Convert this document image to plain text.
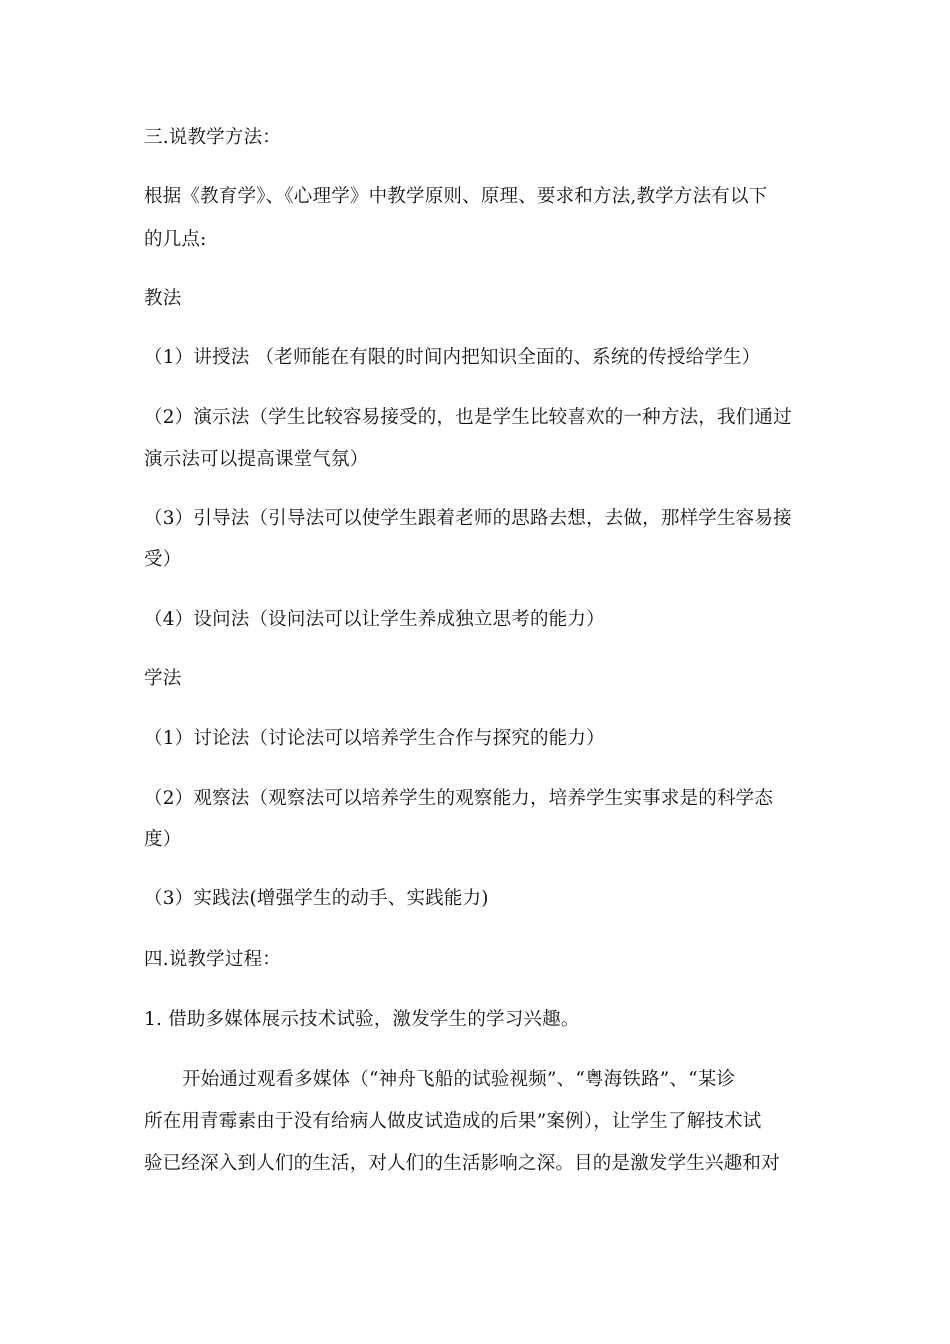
三.说教学方法：
根据《教育学》、《心理学》中教学原则、原理、要求和方法,教学方法有以下
的几点:
教法
（1）讲授法 （老师能在有限的时间内把知识全面的、系统的传授给学生）
（2）演示法（学生比较容易接受的，也是学生比较喜欢的一种方法，我们通过
演示法可以提高课堂气氛）
（3）引导法（引导法可以使学生跟着老师的思路去想，去做，那样学生容易接
受）
（4）设问法（设问法可以让学生养成独立思考的能力）
学法
（1）讨论法（讨论法可以培养学生合作与探究的能力）
（2）观察法（观察法可以培养学生的观察能力，培养学生实事求是的科学态
度）
（3）实践法(增强学生的动手、实践能力)
四.说教学过程：
1. 借助多媒体展示技术试验，激发学生的学习兴趣。
开始通过观看多媒体（“神舟飞船的试验视频”、“粤海铁路”、“某诊
所在用青霉素由于没有给病人做皮试造成的后果”案例），让学生了解技术试
验已经深入到人们的生活，对人们的生活影响之深。目的是激发学生兴趣和对
